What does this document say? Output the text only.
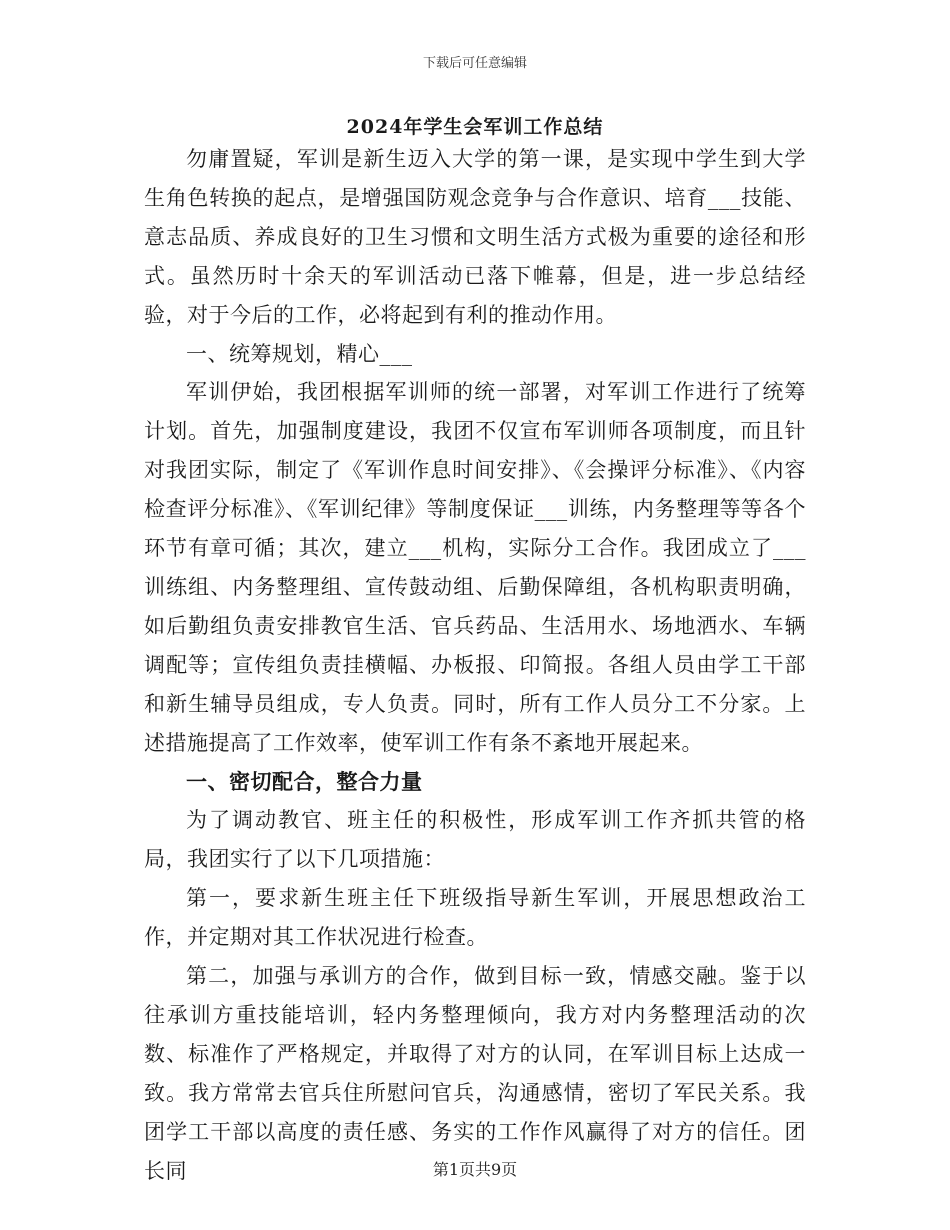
下载后可任意编辑
2024年学生会军训工作总结

勿庸置疑，军训是新生迈入大学的第一课，是实现中学生到大学生角色转换的起点，是增强国防观念竞争与合作意识、培育___技能、意志品质、养成良好的卫生习惯和文明生活方式极为重要的途径和形式。虽然历时十余天的军训活动已落下帷幕，但是，进一步总结经验，对于今后的工作，必将起到有利的推动作用。

一、统筹规划，精心___

军训伊始，我团根据军训师的统一部署，对军训工作进行了统筹计划。首先，加强制度建设，我团不仅宣布军训师各项制度，而且针对我团实际，制定了《军训作息时间安排》、《会操评分标准》、《内容检查评分标准》、《军训纪律》等制度保证___训练，内务整理等等各个环节有章可循；其次，建立___机构，实际分工合作。我团成立了___训练组、内务整理组、宣传鼓动组、后勤保障组，各机构职责明确，如后勤组负责安排教官生活、官兵药品、生活用水、场地洒水、车辆调配等；宣传组负责挂横幅、办板报、印简报。各组人员由学工干部和新生辅导员组成，专人负责。同时，所有工作人员分工不分家。上述措施提高了工作效率，使军训工作有条不紊地开展起来。

一、密切配合，整合力量

为了调动教官、班主任的积极性，形成军训工作齐抓共管的格局，我团实行了以下几项措施：

第一，要求新生班主任下班级指导新生军训，开展思想政治工作，并定期对其工作状况进行检查。

第二，加强与承训方的合作，做到目标一致，情感交融。鉴于以往承训方重技能培训，轻内务整理倾向，我方对内务整理活动的次数、标准作了严格规定，并取得了对方的认同，在军训目标上达成一致。我方常常去官兵住所慰问官兵，沟通感情，密切了军民关系。我团学工干部以高度的责任感、务实的工作作风赢得了对方的信任。团长同	第1页共9页
